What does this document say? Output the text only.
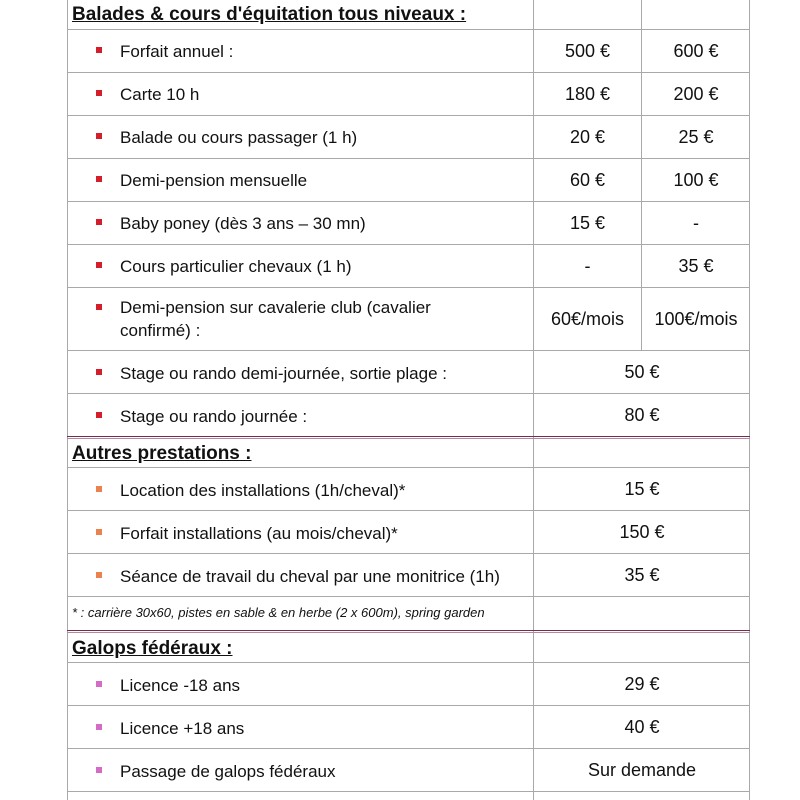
Balades & cours d'équitation tous niveaux :
Forfait annuel :	500 €	600 €
Carte 10 h	180 €	200 €
Balade ou cours passager (1 h)	20 €	25 €
Demi-pension mensuelle	60 €	100 €
Baby poney (dès 3 ans – 30 mn)	15 €	-
Cours particulier chevaux (1 h)	-	35 €
Demi-pension sur cavalerie club (cavalier
confirmé) :
60€/mois	100€/mois
Stage ou rando demi-journée, sortie plage :	50 €
Stage ou rando journée :	80 €
Autres prestations :
Location des installations (1h/cheval)*	15 €
Forfait installations (au mois/cheval)*	150 €
Séance de travail du cheval par une monitrice (1h)	35 €
* : carrière 30x60, pistes en sable & en herbe (2 x 600m), spring garden
Galops fédéraux :
Licence -18 ans	29 €
Licence +18 ans	40 €
Passage de galops fédéraux	Sur demande
